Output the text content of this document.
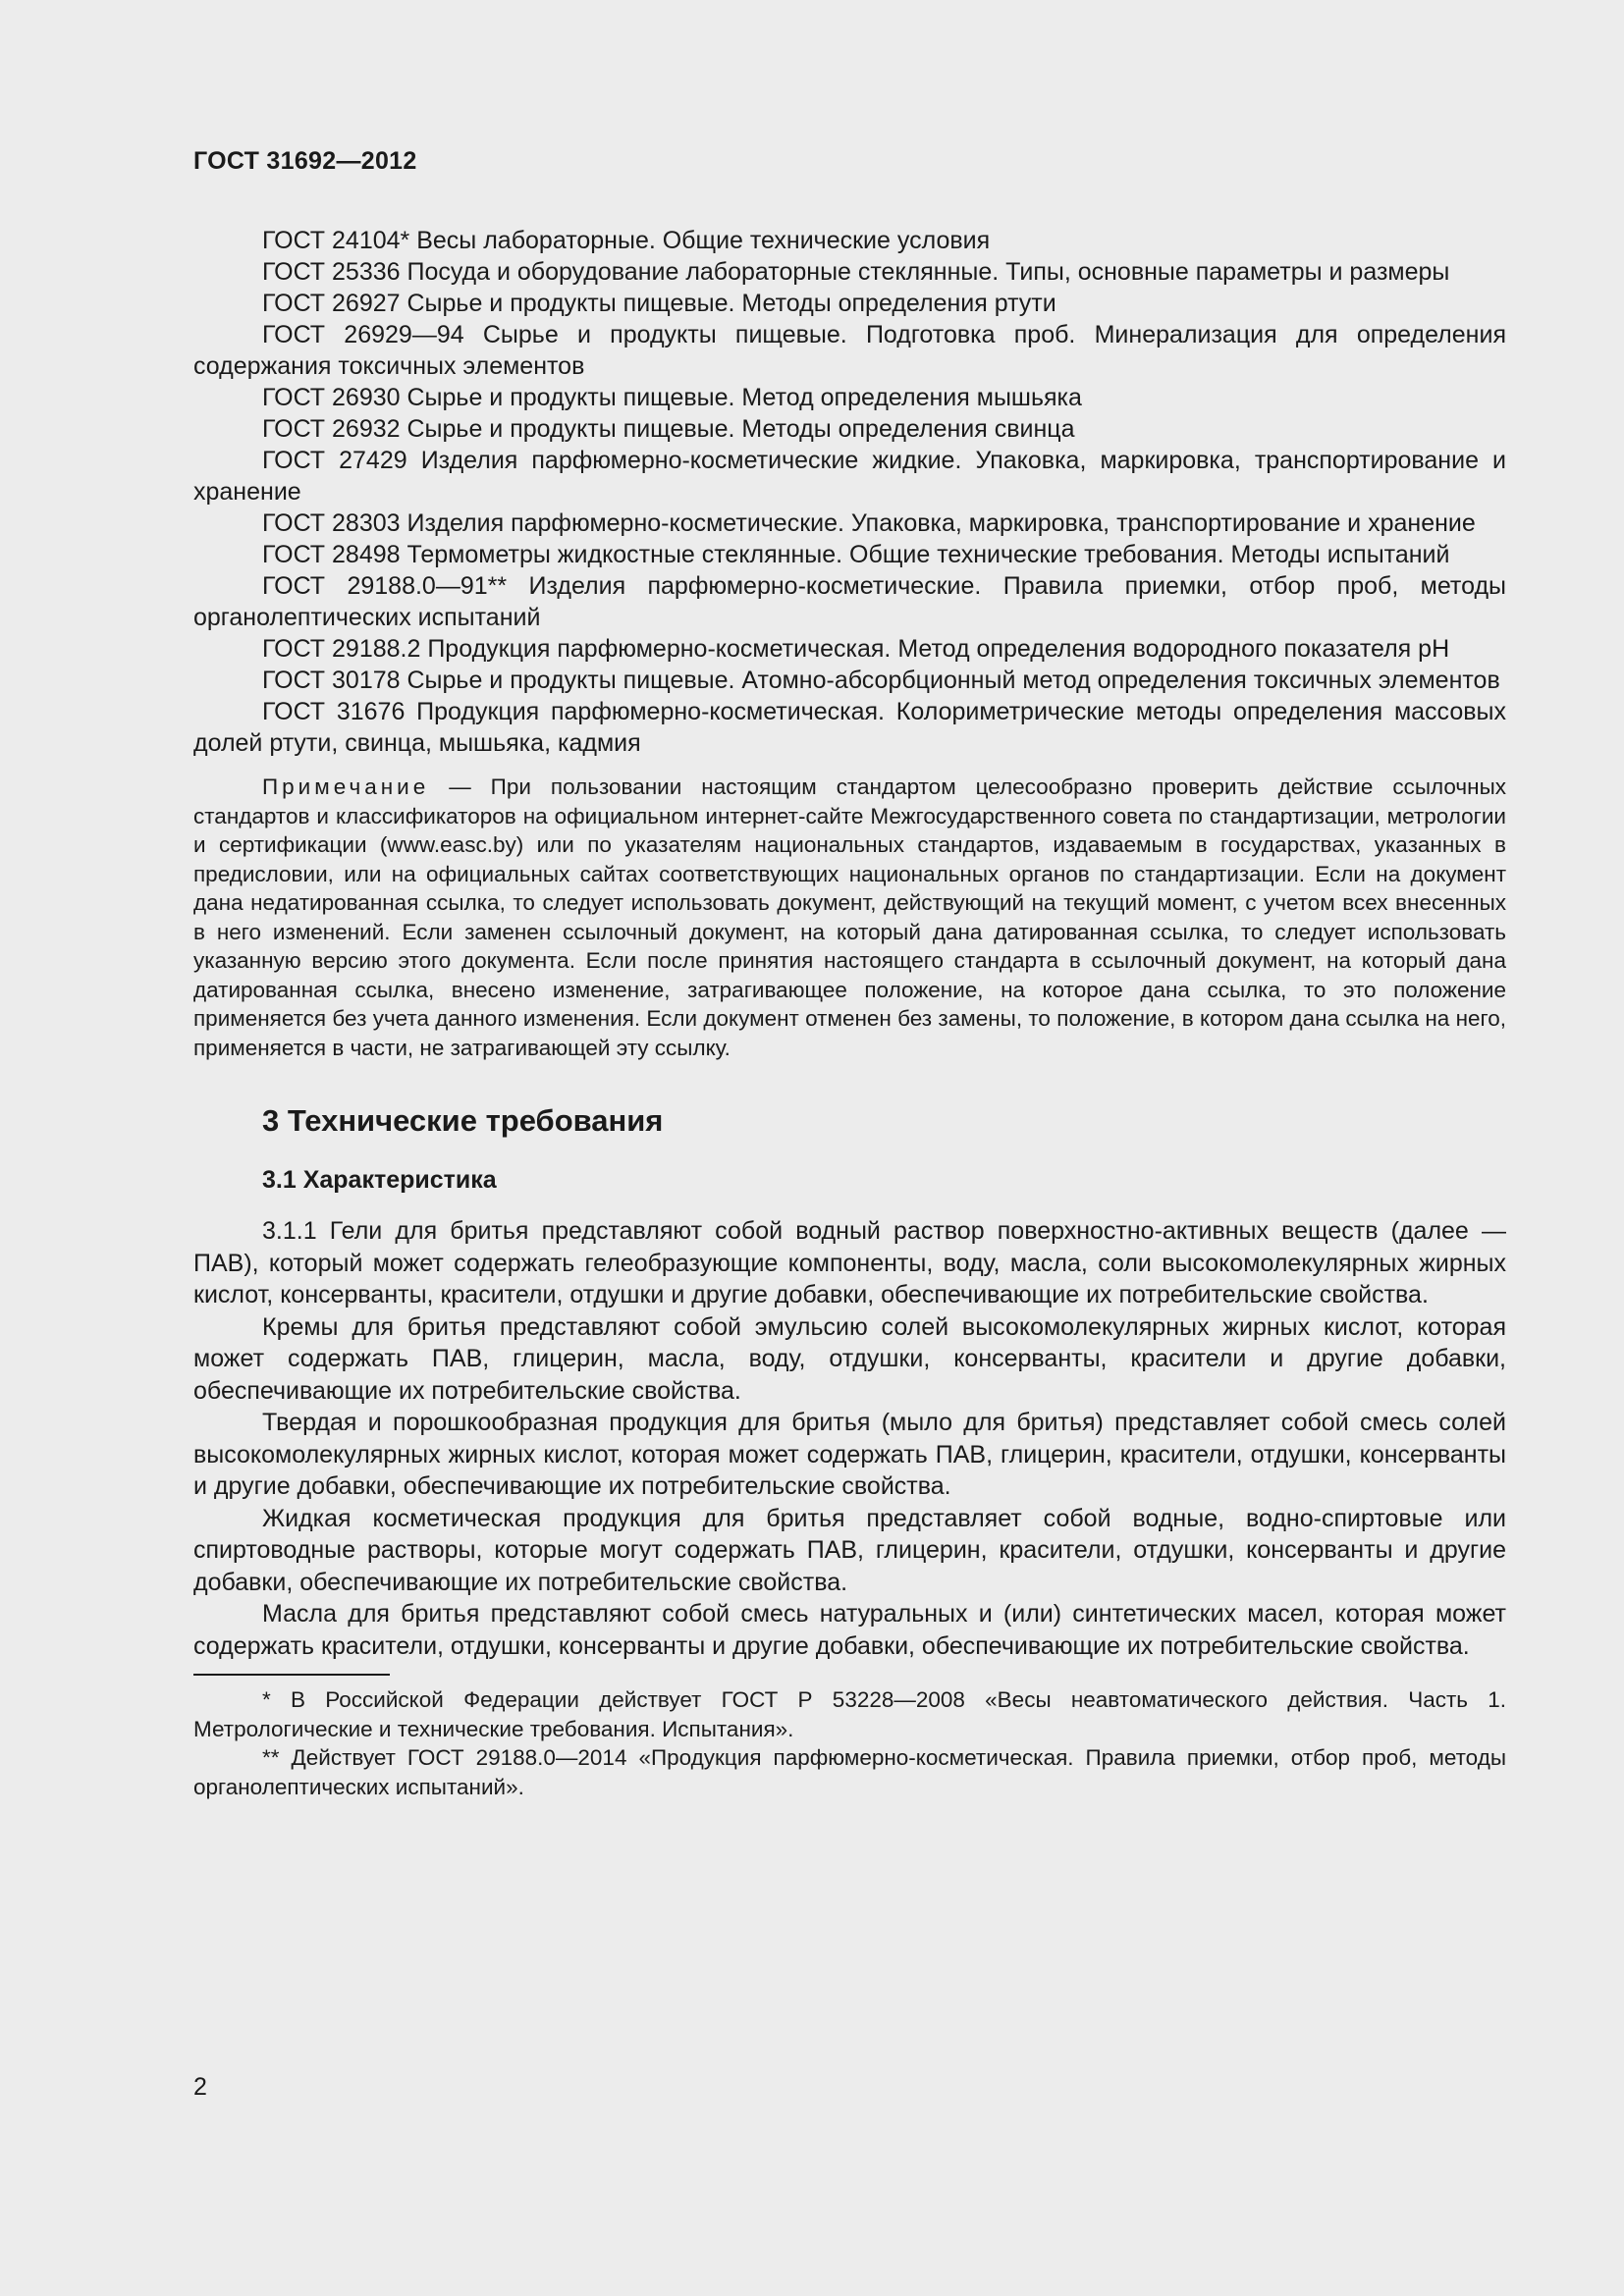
ГОСТ 31692—2012

ГОСТ 24104* Весы лабораторные. Общие технические условия

ГОСТ 25336 Посуда и оборудование лабораторные стеклянные. Типы, основные параметры и размеры

ГОСТ 26927 Сырье и продукты пищевые. Методы определения ртути

ГОСТ 26929—94 Сырье и продукты пищевые. Подготовка проб. Минерализация для определения содержания токсичных элементов

ГОСТ 26930 Сырье и продукты пищевые. Метод определения мышьяка

ГОСТ 26932 Сырье и продукты пищевые. Методы определения свинца

ГОСТ 27429 Изделия парфюмерно-косметические жидкие. Упаковка, маркировка, транспортирование и хранение

ГОСТ 28303 Изделия парфюмерно-косметические. Упаковка, маркировка, транспортирование и хранение

ГОСТ 28498 Термометры жидкостные стеклянные. Общие технические требования. Методы испытаний

ГОСТ 29188.0—91** Изделия парфюмерно-косметические. Правила приемки, отбор проб, методы органолептических испытаний

ГОСТ 29188.2 Продукция парфюмерно-косметическая. Метод определения водородного показателя pH

ГОСТ 30178 Сырье и продукты пищевые. Атомно-абсорбционный метод определения токсичных элементов

ГОСТ 31676 Продукция парфюмерно-косметическая. Колориметрические методы определения массовых долей ртути, свинца, мышьяка, кадмия

Примечание — При пользовании настоящим стандартом целесообразно проверить действие ссылочных стандартов и классификаторов на официальном интернет-сайте Межгосударственного совета по стандартизации, метрологии и сертификации (www.easc.by) или по указателям национальных стандартов, издаваемым в государствах, указанных в предисловии, или на официальных сайтах соответствующих национальных органов по стандартизации. Если на документ дана недатированная ссылка, то следует использовать документ, действующий на текущий момент, с учетом всех внесенных в него изменений. Если заменен ссылочный документ, на который дана датированная ссылка, то следует использовать указанную версию этого документа. Если после принятия настоящего стандарта в ссылочный документ, на который дана датированная ссылка, внесено изменение, затрагивающее положение, на которое дана ссылка, то это положение применяется без учета данного изменения. Если документ отменен без замены, то положение, в котором дана ссылка на него, применяется в части, не затрагивающей эту ссылку.

3 Технические требования
3.1 Характеристика

3.1.1 Гели для бритья представляют собой водный раствор поверхностно-активных веществ (далее — ПАВ), который может содержать гелеобразующие компоненты, воду, масла, соли высокомолекулярных жирных кислот, консерванты, красители, отдушки и другие добавки, обеспечивающие их потребительские свойства.

Кремы для бритья представляют собой эмульсию солей высокомолекулярных жирных кислот, которая может содержать ПАВ, глицерин, масла, воду, отдушки, консерванты, красители и другие добавки, обеспечивающие их потребительские свойства.

Твердая и порошкообразная продукция для бритья (мыло для бритья) представляет собой смесь солей высокомолекулярных жирных кислот, которая может содержать ПАВ, глицерин, красители, отдушки, консерванты и другие добавки, обеспечивающие их потребительские свойства.

Жидкая косметическая продукция для бритья представляет собой водные, водно-спиртовые или спиртоводные растворы, которые могут содержать ПАВ, глицерин, красители, отдушки, консерванты и другие добавки, обеспечивающие их потребительские свойства.

Масла для бритья представляют собой смесь натуральных и (или) синтетических масел, которая может содержать красители, отдушки, консерванты и другие добавки, обеспечивающие их потребительские свойства.

* В Российской Федерации действует ГОСТ Р 53228—2008 «Весы неавтоматического действия. Часть 1. Метрологические и технические требования. Испытания».

** Действует ГОСТ 29188.0—2014 «Продукция парфюмерно-косметическая. Правила приемки, отбор проб, методы органолептических испытаний».

2
